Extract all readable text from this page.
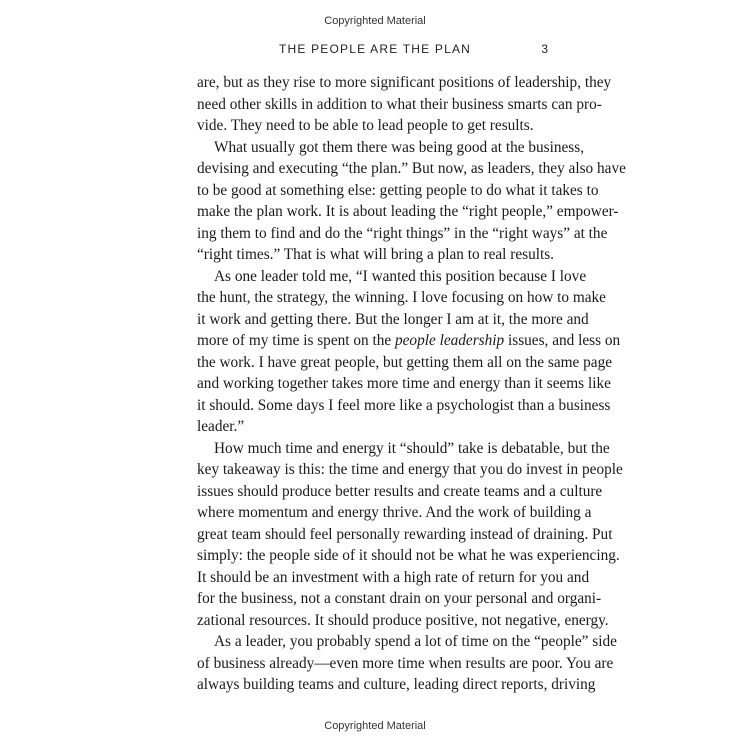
Copyrighted Material
THE PEOPLE ARE THE PLAN	3
are, but as they rise to more significant positions of leadership, they
need other skills in addition to what their business smarts can pro-
vide. They need to be able to lead people to get results.
What usually got them there was being good at the business,
devising and executing “the plan.” But now, as leaders, they also have
to be good at something else: getting people to do what it takes to
make the plan work. It is about leading the “right people,” empower-
ing them to find and do the “right things” in the “right ways” at the
“right times.” That is what will bring a plan to real results.
As one leader told me, “I wanted this position because I love
the hunt, the strategy, the winning. I love focusing on how to make
it work and getting there. But the longer I am at it, the more and
more of my time is spent on the people leadership issues, and less on
the work. I have great people, but getting them all on the same page
and working together takes more time and energy than it seems like
it should. Some days I feel more like a psychologist than a business
leader.”
How much time and energy it “should” take is debatable, but the
key takeaway is this: the time and energy that you do invest in people
issues should produce better results and create teams and a culture
where momentum and energy thrive. And the work of building a
great team should feel personally rewarding instead of draining. Put
simply: the people side of it should not be what he was experiencing.
It should be an investment with a high rate of return for you and
for the business, not a constant drain on your personal and organi-
zational resources. It should produce positive, not negative, energy.
As a leader, you probably spend a lot of time on the “people” side
of business already—even more time when results are poor. You are
always building teams and culture, leading direct reports, driving
Copyrighted Material
